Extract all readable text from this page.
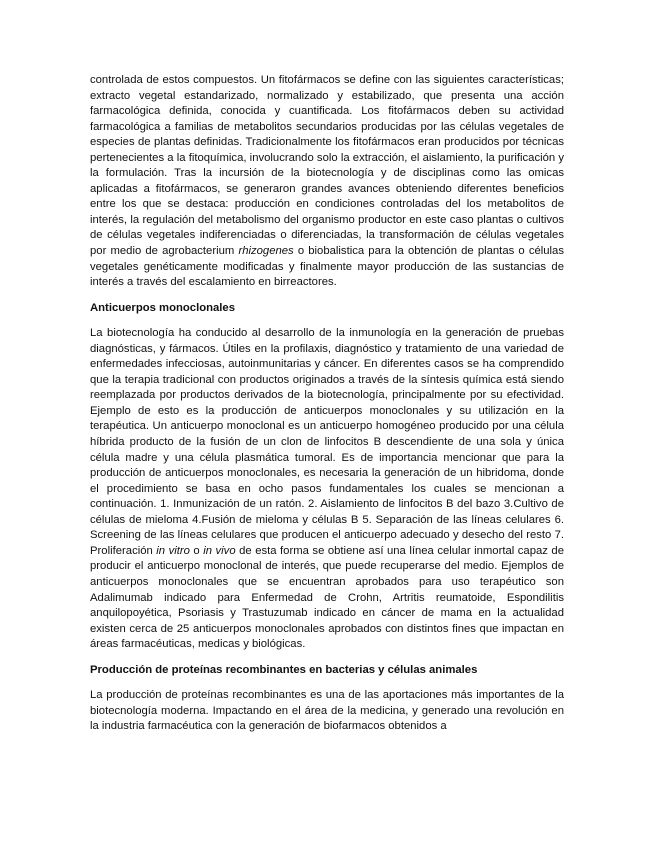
controlada de estos compuestos. Un fitofármacos se define con las siguientes características; extracto vegetal estandarizado, normalizado y estabilizado, que presenta una acción farmacológica definida, conocida y cuantificada. Los fitofármacos deben su actividad farmacológica a familias de metabolitos secundarios producidas por las células vegetales de especies de plantas definidas. Tradicionalmente los fitofármacos eran producidos por técnicas pertenecientes a la fitoquímica, involucrando solo la extracción, el aislamiento, la purificación y la formulación. Tras la incursión de la biotecnología y de disciplinas como las omicas aplicadas a fitofármacos, se generaron grandes avances obteniendo diferentes beneficios entre los que se destaca: producción en condiciones controladas del los metabolitos de interés, la regulación del metabolismo del organismo productor en este caso plantas o cultivos de células vegetales indiferenciadas o diferenciadas, la transformación de células vegetales por medio de agrobacterium rhizogenes o biobalistica para la obtención de plantas o células vegetales genéticamente modificadas y finalmente mayor producción de las sustancias de interés a través del escalamiento en birreactores.

Anticuerpos monoclonales

La biotecnología ha conducido al desarrollo de la inmunología en la generación de pruebas diagnósticas, y fármacos. Útiles en la profilaxis, diagnóstico y tratamiento de una variedad de enfermedades infecciosas, autoinmunitarias y cáncer. En diferentes casos se ha comprendido que la terapia tradicional con productos originados a través de la síntesis química está siendo reemplazada por productos derivados de la biotecnología, principalmente por su efectividad. Ejemplo de esto es la producción de anticuerpos monoclonales y su utilización en la terapéutica. Un anticuerpo monoclonal es un anticuerpo homogéneo producido por una célula híbrida producto de la fusión de un clon de linfocitos B descendiente de una sola y única célula madre y una célula plasmática tumoral. Es de importancia mencionar que para la producción de anticuerpos monoclonales, es necesaria la generación de un hibridoma, donde el procedimiento se basa en ocho pasos fundamentales los cuales se mencionan a continuación. 1. Inmunización de un ratón. 2. Aislamiento de linfocitos B del bazo 3.Cultivo de células de mieloma 4.Fusión de mieloma y células B 5. Separación de las líneas celulares 6. Screening de las líneas celulares que producen el anticuerpo adecuado y desecho del resto 7. Proliferación in vitro o in vivo de esta forma se obtiene así una línea celular inmortal capaz de producir el anticuerpo monoclonal de interés, que puede recuperarse del medio. Ejemplos de anticuerpos monoclonales que se encuentran aprobados para uso terapéutico son Adalimumab indicado para Enfermedad de Crohn, Artritis reumatoide, Espondilitis anquilopoyética, Psoriasis y Trastuzumab indicado en cáncer de mama en la actualidad existen cerca de 25 anticuerpos monoclonales aprobados con distintos fines que impactan en áreas farmacéuticas, medicas y biológicas.

Producción de proteínas recombinantes en bacterias y células animales

La producción de proteínas recombinantes es una de las aportaciones más importantes de la biotecnología moderna. Impactando en el área de la medicina, y generado una revolución en la industria farmacéutica con la generación de biofarmacos obtenidos a
